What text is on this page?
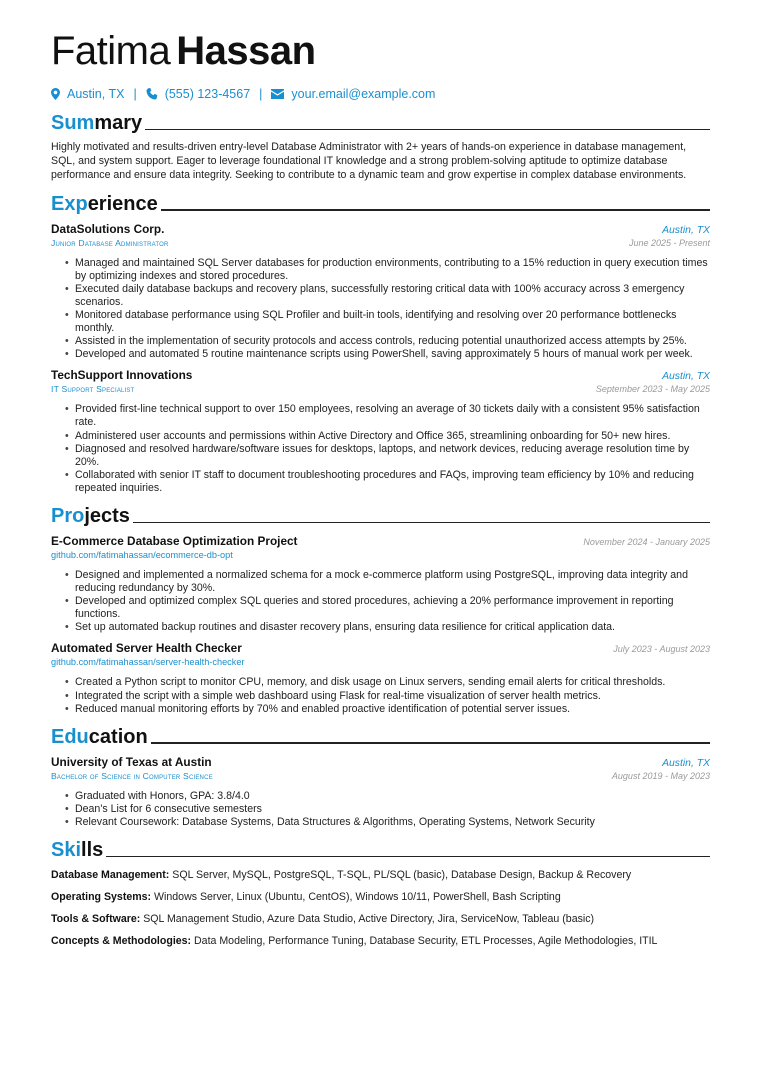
Fatima Hassan
Austin, TX | (555) 123-4567 | your.email@example.com
Summary

Highly motivated and results-driven entry-level Database Administrator with 2+ years of hands-on experience in database management, SQL, and system support. Eager to leverage foundational IT knowledge and a strong problem-solving aptitude to optimize database performance and ensure data integrity. Seeking to contribute to a dynamic team and grow expertise in complex database environments.

Experience
DataSolutions Corp.	Austin, TX
Junior Database Administrator	June 2025 - Present
• Managed and maintained SQL Server databases for production environments, contributing to a 15% reduction in query execution times by optimizing indexes and stored procedures.
• Executed daily database backups and recovery plans, successfully restoring critical data with 100% accuracy across 3 emergency scenarios.
• Monitored database performance using SQL Profiler and built-in tools, identifying and resolving over 20 performance bottlenecks monthly.
• Assisted in the implementation of security protocols and access controls, reducing potential unauthorized access attempts by 25%.
• Developed and automated 5 routine maintenance scripts using PowerShell, saving approximately 5 hours of manual work per week.
TechSupport Innovations	Austin, TX
IT Support Specialist	September 2023 - May 2025
• Provided first-line technical support to over 150 employees, resolving an average of 30 tickets daily with a consistent 95% satisfaction rate.
• Administered user accounts and permissions within Active Directory and Office 365, streamlining onboarding for 50+ new hires.
• Diagnosed and resolved hardware/software issues for desktops, laptops, and network devices, reducing average resolution time by 20%.
• Collaborated with senior IT staff to document troubleshooting procedures and FAQs, improving team efficiency by 10% and reducing repeated inquiries.
Projects
E-Commerce Database Optimization Project	November 2024 - January 2025
github.com/fatimahassan/ecommerce-db-opt
• Designed and implemented a normalized schema for a mock e-commerce platform using PostgreSQL, improving data integrity and reducing redundancy by 30%.
• Developed and optimized complex SQL queries and stored procedures, achieving a 20% performance improvement in reporting functions.
• Set up automated backup routines and disaster recovery plans, ensuring data resilience for critical application data.
Automated Server Health Checker	July 2023 - August 2023
github.com/fatimahassan/server-health-checker
• Created a Python script to monitor CPU, memory, and disk usage on Linux servers, sending email alerts for critical thresholds.
• Integrated the script with a simple web dashboard using Flask for real-time visualization of server health metrics.
• Reduced manual monitoring efforts by 70% and enabled proactive identification of potential server issues.
Education
University of Texas at Austin	Austin, TX
Bachelor of Science in Computer Science	August 2019 - May 2023
• Graduated with Honors, GPA: 3.8/4.0
• Dean's List for 6 consecutive semesters
• Relevant Coursework: Database Systems, Data Structures & Algorithms, Operating Systems, Network Security
Skills
Database Management: SQL Server, MySQL, PostgreSQL, T-SQL, PL/SQL (basic), Database Design, Backup & Recovery
Operating Systems: Windows Server, Linux (Ubuntu, CentOS), Windows 10/11, PowerShell, Bash Scripting
Tools & Software: SQL Management Studio, Azure Data Studio, Active Directory, Jira, ServiceNow, Tableau (basic)
Concepts & Methodologies: Data Modeling, Performance Tuning, Database Security, ETL Processes, Agile Methodologies, ITIL
